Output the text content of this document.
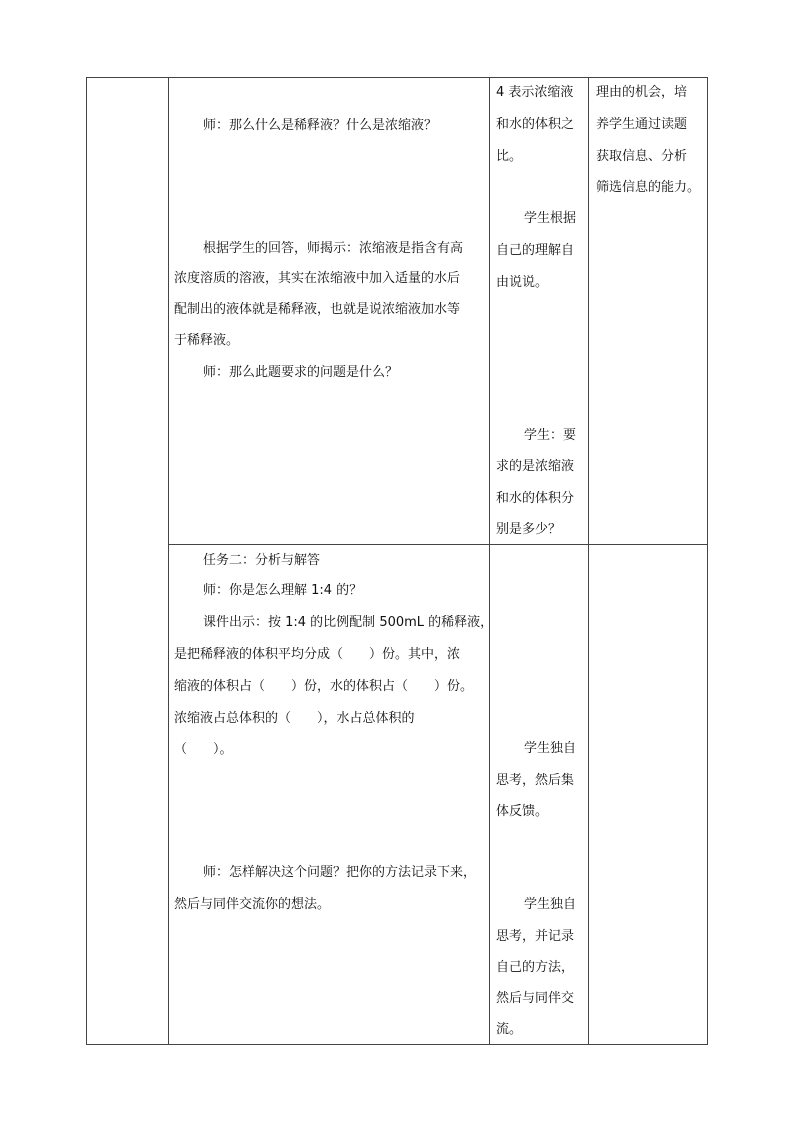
师：那么什么是稀释液？什么是浓缩液？
根据学生的回答，师揭示：浓缩液是指含有高
浓度溶质的溶液，其实在浓缩液中加入适量的水后
配制出的液体就是稀释液，也就是说浓缩液加水等
于稀释液。
师：那么此题要求的问题是什么？
4 表示浓缩液
和水的体积之
比。
学生根据
自己的理解自
由说说。
学生：要
求的是浓缩液
和水的体积分
别是多少？
理由的机会，培
养学生通过读题
获取信息、分析
筛选信息的能力。
任务二：分析与解答
师：你是怎么理解 1:4 的？
课件出示：按 1:4 的比例配制 500mL 的稀释液，
是把稀释液的体积平均分成（　　）份。其中，浓
缩液的体积占（　　）份，水的体积占（　　）份。
浓缩液占总体积的（　　），水占总体积的
（　　）。
师：怎样解决这个问题？把你的方法记录下来，
然后与同伴交流你的想法。
学生独自
思考，然后集
体反馈。
学生独自
思考，并记录
自己的方法，
然后与同伴交
流。
